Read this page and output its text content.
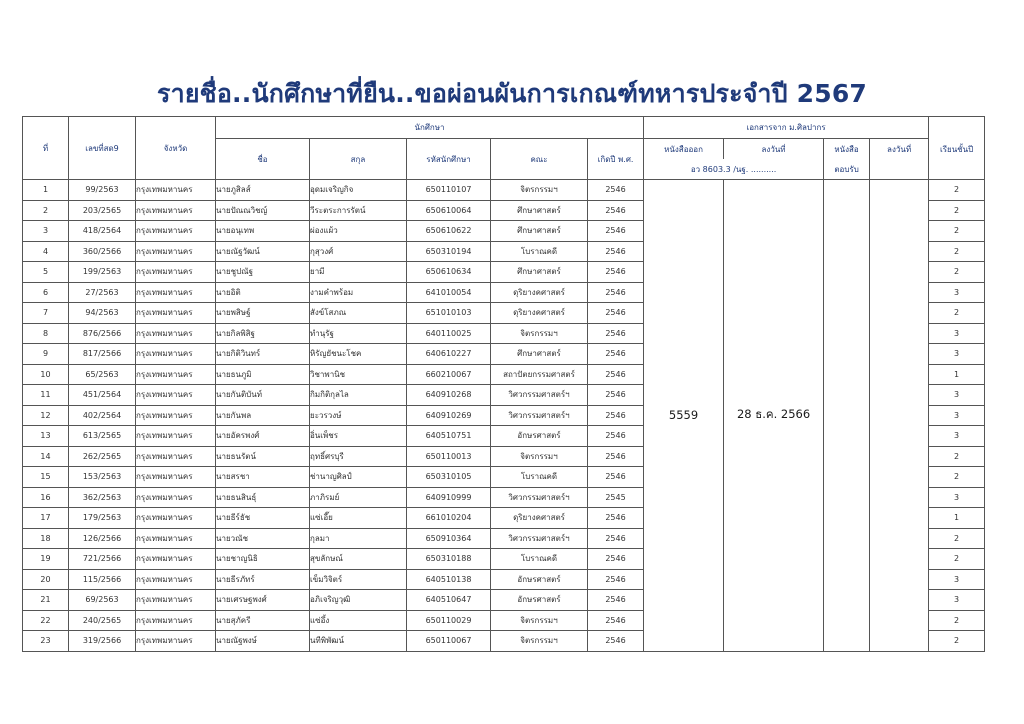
รายชื่อ..นักศึกษาที่ยืน..ขอผ่อนผันการเกณฑ์ทหารประจำปี 2567
ที่	เลขที่สด9	จังหวัด	นักศึกษา					เอกสารจาก ม.ศิลปากร				
			ชื่อ	สกุล	รหัสนักศึกษา	คณะ	เกิดปี พ.ศ.	หนังสือออก	ลงวันที่	หนังสือ	ลงวันที่	เรียนชั้นปี
								อว 8603.3 /นฐ. ..........		ตอบรับ		
1	99/2563	กรุงเทพมหานคร	นายภูสิลส์	อุดมเจริญกิจ	650110107	จิตรกรรมฯ	2546	5559	28 ธ.ค. 2566			2
2	203/2565	กรุงเทพมหานคร	นายปัณณวิชญ์	วีระตระการรัตน์	650610064	ศึกษาศาสตร์	2546					2
3	418/2564	กรุงเทพมหานคร	นายอนุเทพ	ผ่องแผ้ว	650610622	ศึกษาศาสตร์	2546					2
4	360/2566	กรุงเทพมหานคร	นายณัฐวัฒน์	กุสุวงศ์	650310194	โบราณคดี	2546					2
5	199/2563	กรุงเทพมหานคร	นายชูปณัฐ	ยามี	650610634	ศึกษาศาสตร์	2546					2
6	27/2563	กรุงเทพมหานคร	นายอิติ	งามคำพร้อม	641010054	ดุริยางคศาสตร์	2546					3
7	94/2563	กรุงเทพมหานคร	นายพสิษฐ์	สังข์โสภณ	651010103	ดุริยางคศาสตร์	2546					2
8	876/2566	กรุงเทพมหานคร	นายกิลพิสิฐ	ทำนุรัฐ	640110025	จิตรกรรมฯ	2546					3
9	817/2566	กรุงเทพมหานคร	นายกิติวินทร์	หิรัญยัชนะโชค	640610227	ศึกษาศาสตร์	2546					3
10	65/2563	กรุงเทพมหานคร	นายธนภูมิ	วิชาพานิช	660210067	สถาปัตยกรรมศาสตร์	2546					1
11	451/2564	กรุงเทพมหานคร	นายกันติบันท์	กิมกิติกุลไล	640910268	วิศวกรรมศาสตร์ฯ	2546					3
12	402/2564	กรุงเทพมหานคร	นายกันพล	ยะวรวงษ์	640910269	วิศวกรรมศาสตร์ฯ	2546					3
13	613/2565	กรุงเทพมหานคร	นายอัครพงศ์	อิ่นเพ็ชร	640510751	อักษรศาสตร์	2546					3
14	262/2565	กรุงเทพมหานคร	นายธนรัตน์	ฤทธิ์ศรบุรี	650110013	จิตรกรรมฯ	2546					2
15	153/2563	กรุงเทพมหานคร	นายสรชา	ช่านาญศิลป์	650310105	โบราณคดี	2546					2
16	362/2563	กรุงเทพมหานคร	นายธนสินธุ์	ภาภิรมย์	640910999	วิศวกรรมศาสตร์ฯ	2545					3
17	179/2563	กรุงเทพมหานคร	นายธีร์ธัช	แซ่เอี๊ย	661010204	ดุริยางคศาสตร์	2546					1
18	126/2566	กรุงเทพมหานคร	นายวณัช	กุลมา	650910364	วิศวกรรมศาสตร์ฯ	2546					2
19	721/2566	กรุงเทพมหานคร	นายชาญนิธิ	สุขลักษณ์	650310188	โบราณคดี	2546					2
20	115/2566	กรุงเทพมหานคร	นายธีรภัทร์	เข็มวิจิตร์	640510138	อักษรศาสตร์	2546					3
21	69/2563	กรุงเทพมหานคร	นายเศรษฐพงศ์	อภิเจริญวุฒิ	640510647	อักษรศาสตร์	2546					3
22	240/2565	กรุงเทพมหานคร	นายสุภัครี	แซ่อึ้ง	650110029	จิตรกรรมฯ	2546					2
23	319/2566	กรุงเทพมหานคร	นายณัฐพงษ์	นทีพิพัฒน์	650110067	จิตรกรรมฯ	2546					2
